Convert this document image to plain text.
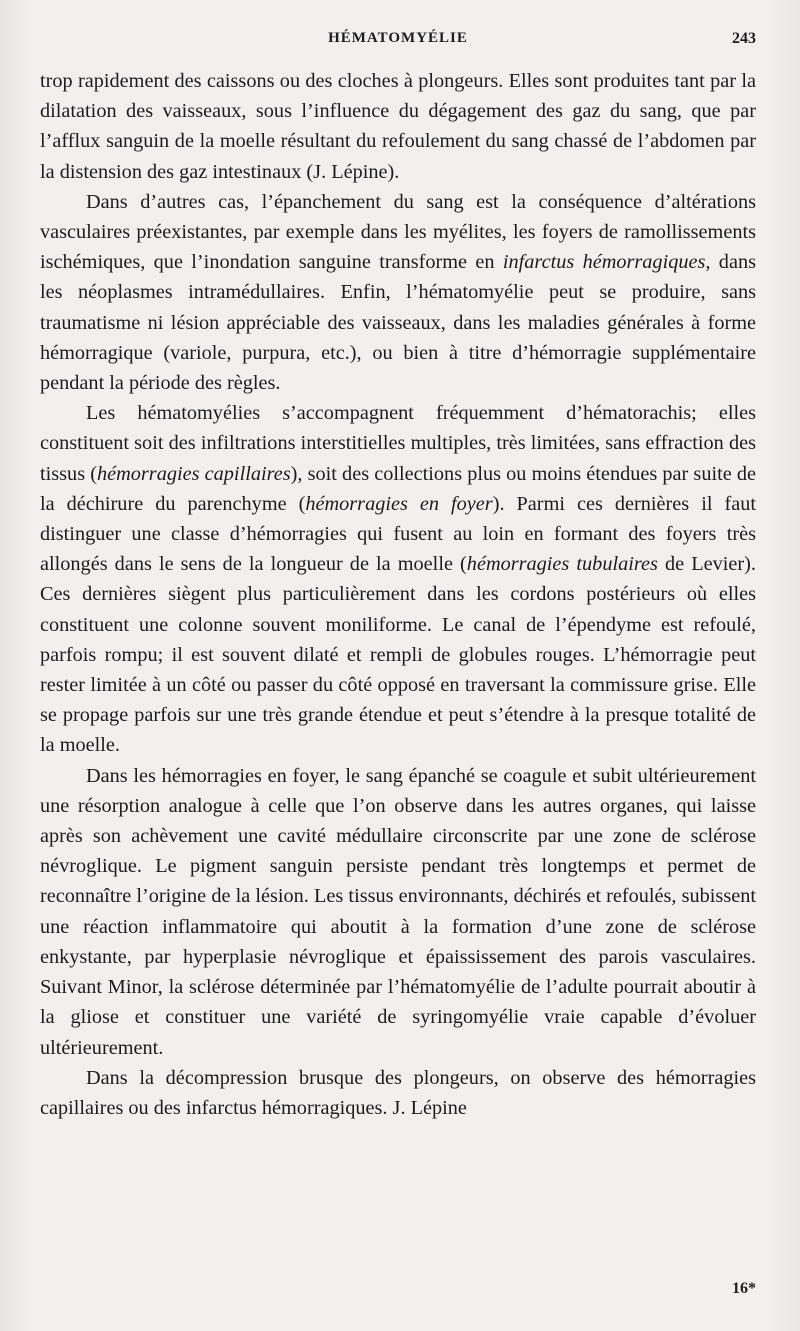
HÉMATOMYÉLIE	243

trop rapidement des caissons ou des cloches à plongeurs. Elles sont produites tant par la dilatation des vaisseaux, sous l’influence du dégagement des gaz du sang, que par l’afflux sanguin de la moelle résultant du refoulement du sang chassé de l’abdomen par la distension des gaz intestinaux (J. Lépine).

Dans d’autres cas, l’épanchement du sang est la conséquence d’altérations vasculaires préexistantes, par exemple dans les myélites, les foyers de ramollissements ischémiques, que l’inondation sanguine transforme en infarctus hémorragiques, dans les néoplasmes intramédullaires. Enfin, l’hématomyélie peut se produire, sans traumatisme ni lésion appréciable des vaisseaux, dans les maladies générales à forme hémorragique (variole, purpura, etc.), ou bien à titre d’hémorragie supplémentaire pendant la période des règles.

Les hématomyélies s’accompagnent fréquemment d’hématorachis; elles constituent soit des infiltrations interstitielles multiples, très limitées, sans effraction des tissus (hémorragies capillaires), soit des collections plus ou moins étendues par suite de la déchirure du parenchyme (hémorragies en foyer). Parmi ces dernières il faut distinguer une classe d’hémorragies qui fusent au loin en formant des foyers très allongés dans le sens de la longueur de la moelle (hémorragies tubulaires de Levier). Ces dernières siègent plus particulièrement dans les cordons postérieurs où elles constituent une colonne souvent moniliforme. Le canal de l’épendyme est refoulé, parfois rompu; il est souvent dilaté et rempli de globules rouges. L’hémorragie peut rester limitée à un côté ou passer du côté opposé en traversant la commissure grise. Elle se propage parfois sur une très grande étendue et peut s’étendre à la presque totalité de la moelle.

Dans les hémorragies en foyer, le sang épanché se coagule et subit ultérieurement une résorption analogue à celle que l’on observe dans les autres organes, qui laisse après son achèvement une cavité médullaire circonscrite par une zone de sclérose névroglique. Le pigment sanguin persiste pendant très longtemps et permet de reconnaître l’origine de la lésion. Les tissus environnants, déchirés et refoulés, subissent une réaction inflammatoire qui aboutit à la formation d’une zone de sclérose enkystante, par hyperplasie névroglique et épaississement des parois vasculaires. Suivant Minor, la sclérose déterminée par l’hématomyélie de l’adulte pourrait aboutir à la gliose et constituer une variété de syringomyélie vraie capable d’évoluer ultérieurement.

Dans la décompression brusque des plongeurs, on observe des hémorragies capillaires ou des infarctus hémorragiques. J. Lépine

16*
